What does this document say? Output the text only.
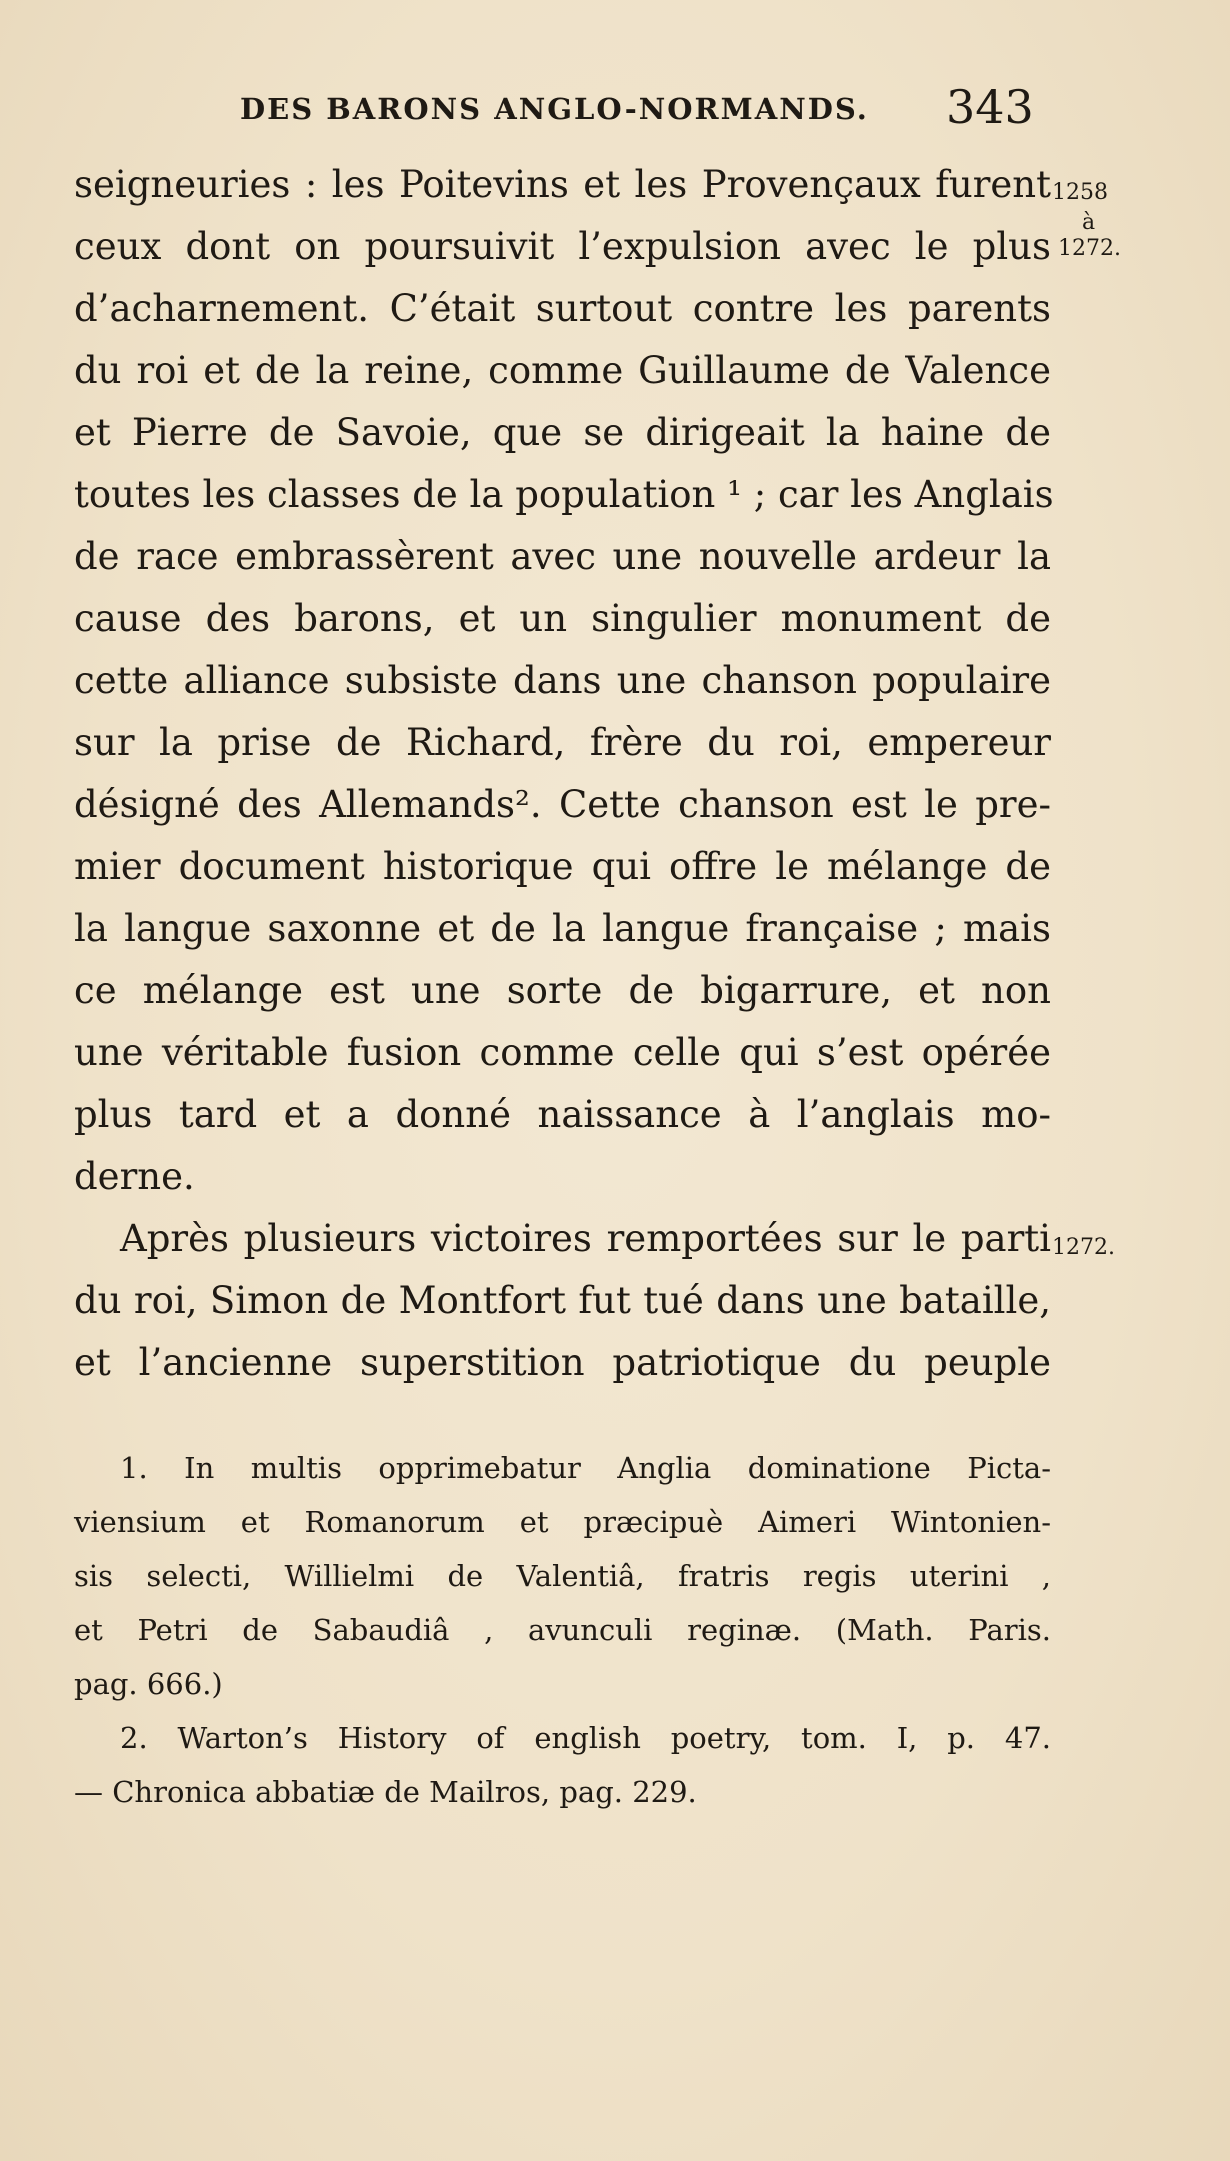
DES BARONS ANGLO-NORMANDS. 343
1258
à
1272.
1272.
seigneuries : les Poitevins et les Provençaux furent
ceux dont on poursuivit l’expulsion avec le plus
d’acharnement. C’était surtout contre les parents
du roi et de la reine, comme Guillaume de Valence
et Pierre de Savoie, que se dirigeait la haine de
toutes les classes de la population ¹ ; car les Anglais
de race embrassèrent avec une nouvelle ardeur la
cause des barons, et un singulier monument de
cette alliance subsiste dans une chanson populaire
sur la prise de Richard, frère du roi, empereur
désigné des Allemands². Cette chanson est le pre-
mier document historique qui offre le mélange de
la langue saxonne et de la langue française ; mais
ce mélange est une sorte de bigarrure, et non
une véritable fusion comme celle qui s’est opérée
plus tard et a donné naissance à l’anglais mo-
derne.
Après plusieurs victoires remportées sur le parti
du roi, Simon de Montfort fut tué dans une bataille,
et l’ancienne superstition patriotique du peuple
1. In multis opprimebatur Anglia dominatione Picta-
viensium et Romanorum et præcipuè Aimeri Wintonien-
sis selecti, Willielmi de Valentiâ, fratris regis uterini ,
et Petri de Sabaudiâ , avunculi reginæ. (Math. Paris.
pag. 666.)
2. Warton’s History of english poetry, tom. I, p. 47.
— Chronica abbatiæ de Mailros, pag. 229.
